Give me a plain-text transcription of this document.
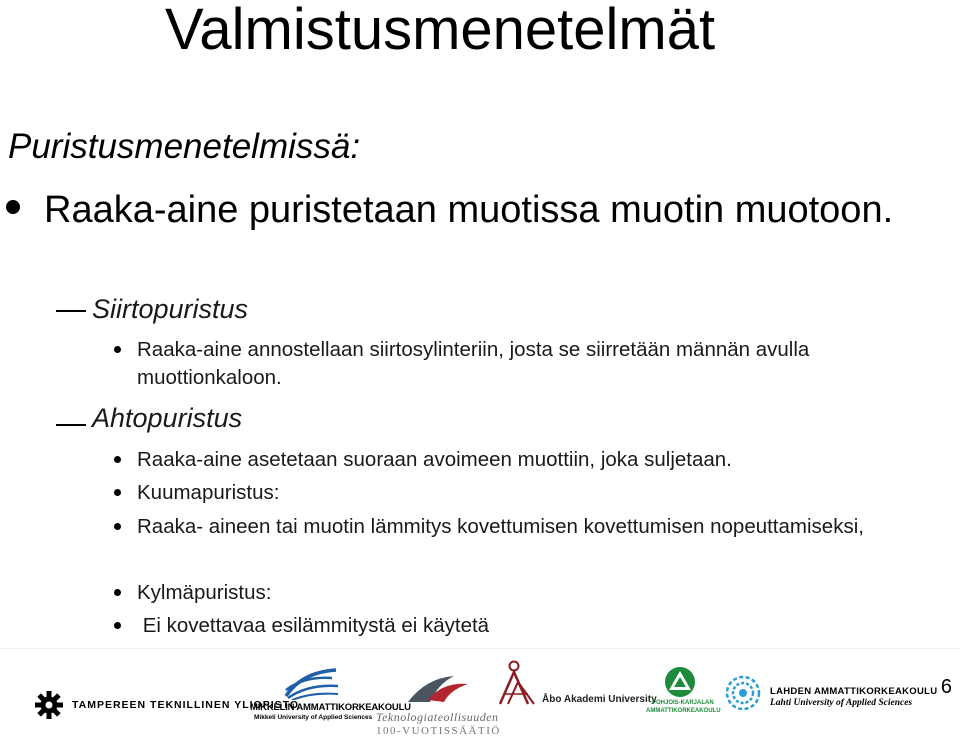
Valmistusmenetelmät
Puristusmenetelmissä:
Raaka-aine puristetaan muotissa muotin muotoon.
Siirtopuristus
Raaka-aine annostellaan siirtosylinteriin, josta se siirretään männän avulla muottionkaloon.
Ahtopuristus
Raaka-aine asetetaan suoraan avoimeen muottiin, joka suljetaan.
Kuumapuristus:
Raaka- aineen tai muotin lämmitys kovettumisen kovettumisen nopeuttamiseksi,
Kylmäpuristus:
Ei kovettavaa esilämmitystä ei käytetä
TAMPEREEN TEKNILLINEN YLIOPISTO
MIKKELIN AMMATTIKORKEAKOULU
Mikkeli University of Applied Sciences Teknologiateollisuuden
100-VUOTISSÄÄTIÖ
Åbo Akademi University
POHJOIS-KARJALAN
AMMATTIKORKEAKOULU
LAHDEN AMMATTIKORKEAKOULU
Lahti University of Applied Sciences
6
